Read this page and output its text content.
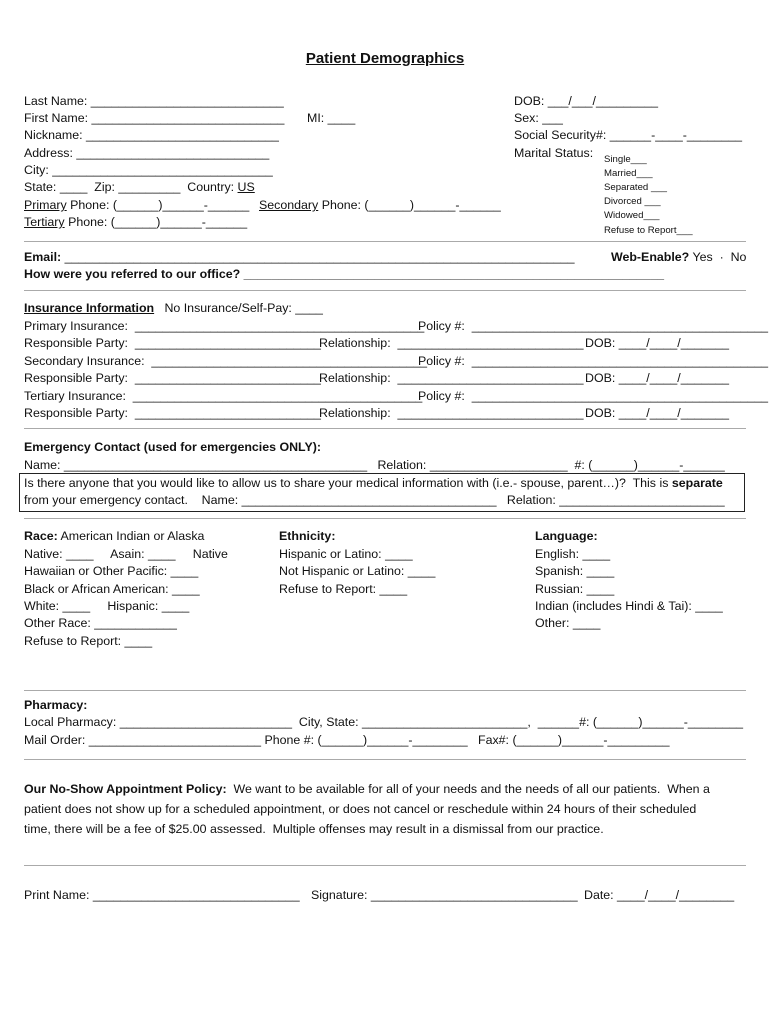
Patient Demographics
Last Name: ____________________________
First Name: ____________________________ MI: ____
Nickname: ____________________________
Address: ____________________________
City: ________________________________
State: ____  Zip: _________  Country: US
Primary Phone: (______)______-______ Secondary Phone: (______)______-______
Tertiary Phone: (______)______-______
DOB: ___/___/_________
Sex: ___
Social Security#: ______-____-________
Marital Status: Single___
Married___
Separated ___
Divorced ___
Widowed___
Refuse to Report___
Email: __________________________________________________________________________	Web-Enable? Yes  ·  No
How were you referred to our office? _____________________________________________________________
Insurance Information No Insurance/Self-Pay: ____
Primary Insurance:  __________________________________________
Policy #:  ___________________________________________
Responsible Party:  ___________________________
Relationship:  ___________________________ DOB: ____/____/_______
Secondary Insurance:  ________________________________________
Policy #:  ___________________________________________
Responsible Party:  ___________________________
Relationship:  ___________________________ DOB: ____/____/_______
Tertiary Insurance:  __________________________________________
Policy #:  ___________________________________________
Responsible Party:  ___________________________
Relationship:  ___________________________ DOB: ____/____/_______
Emergency Contact (used for emergencies ONLY):
Name: ____________________________________________   Relation: ____________________  #: (______)______-______
Is there anyone that you would like to allow us to share your medical information with (i.e.- spouse, parent…)?  This is separate
from your emergency contact.    Name: _____________________________________   Relation: ________________________
Race: American Indian or Alaska
Native: ____     Asain: ____     Native
Hawaiian or Other Pacific: ____
Black or African American: ____
White: ____     Hispanic: ____
Other Race: ____________
Refuse to Report: ____
Ethnicity:
Hispanic or Latino: ____
Not Hispanic or Latino: ____
Refuse to Report: ____
Language:
English: ____
Spanish: ____
Russian: ____
Indian (includes Hindi & Tai): ____
Other: ____
Pharmacy:
Local Pharmacy: _________________________  City, State: ________________________,  ______#: (______)______-________
Mail Order: _________________________ Phone #: (______)______-________   Fax#: (______)______-_________
Our No-Show Appointment Policy:  We want to be available for all of your needs and the needs of all our patients.  When a
patient does not show up for a scheduled appointment, or does not cancel or reschedule within 24 hours of their scheduled
time, there will be a fee of $25.00 assessed.  Multiple offenses may result in a dismissal from our practice.
Print Name: ______________________________ Signature: ______________________________ Date: ____/____/________
